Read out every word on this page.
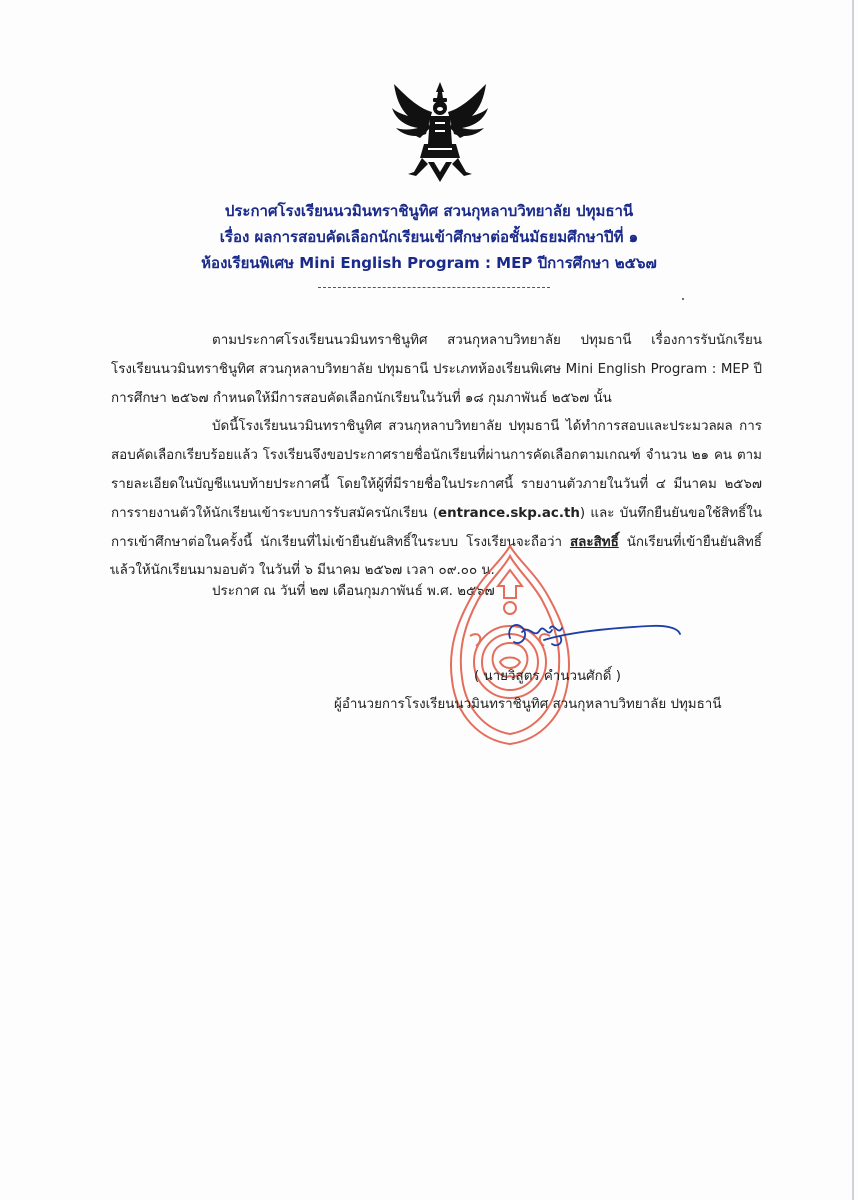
ประกาศโรงเรียนนวมินทราชินูทิศ สวนกุหลาบวิทยาลัย ปทุมธานี
เรื่อง ผลการสอบคัดเลือกนักเรียนเข้าศึกษาต่อชั้นมัธยมศึกษาปีที่ ๑
ห้องเรียนพิเศษ Mini English Program : MEP ปีการศึกษา ๒๕๖๗

ตามประกาศโรงเรียนนวมินทราชินูทิศ สวนกุหลาบวิทยาลัย ปทุมธานี เรื่องการรับนักเรียน โรงเรียนนวมินทราชินูทิศ สวนกุหลาบวิทยาลัย ปทุมธานี ประเภทห้องเรียนพิเศษ Mini English Program : MEP ปีการศึกษา ๒๕๖๗ กำหนดให้มีการสอบคัดเลือกนักเรียนในวันที่ ๑๘ กุมภาพันธ์ ๒๕๖๗ นั้น

บัดนี้โรงเรียนนวมินทราชินูทิศ สวนกุหลาบวิทยาลัย ปทุมธานี ได้ทำการสอบและประมวลผล การสอบคัดเลือกเรียบร้อยแล้ว โรงเรียนจึงขอประกาศรายชื่อนักเรียนที่ผ่านการคัดเลือกตามเกณฑ์ จำนวน ๒๑ คน ตามรายละเอียดในบัญชีแนบท้ายประกาศนี้ โดยให้ผู้ที่มีรายชื่อในประกาศนี้ รายงานตัวภายในวันที่ ๔ มีนาคม ๒๕๖๗ การรายงานตัวให้นักเรียนเข้าระบบการรับสมัครนักเรียน (entrance.skp.ac.th) และ บันทึกยืนยันขอใช้สิทธิ์ในการเข้าศึกษาต่อในครั้งนี้ นักเรียนที่ไม่เข้ายืนยันสิทธิ์ในระบบ โรงเรียนจะถือว่า สละสิทธิ์ นักเรียนที่เข้ายืนยันสิทธิ์แล้วให้นักเรียนมามอบตัว ในวันที่ ๖ มีนาคม ๒๕๖๗ เวลา ๐๙.๐๐ น.

ประกาศ ณ วันที่ ๒๗ เดือนกุมภาพันธ์ พ.ศ. ๒๕๖๗
( นายวิสูตร คำนวนศักดิ์ )
ผู้อำนวยการโรงเรียนนวมินทราชินูทิศ สวนกุหลาบวิทยาลัย ปทุมธานี
